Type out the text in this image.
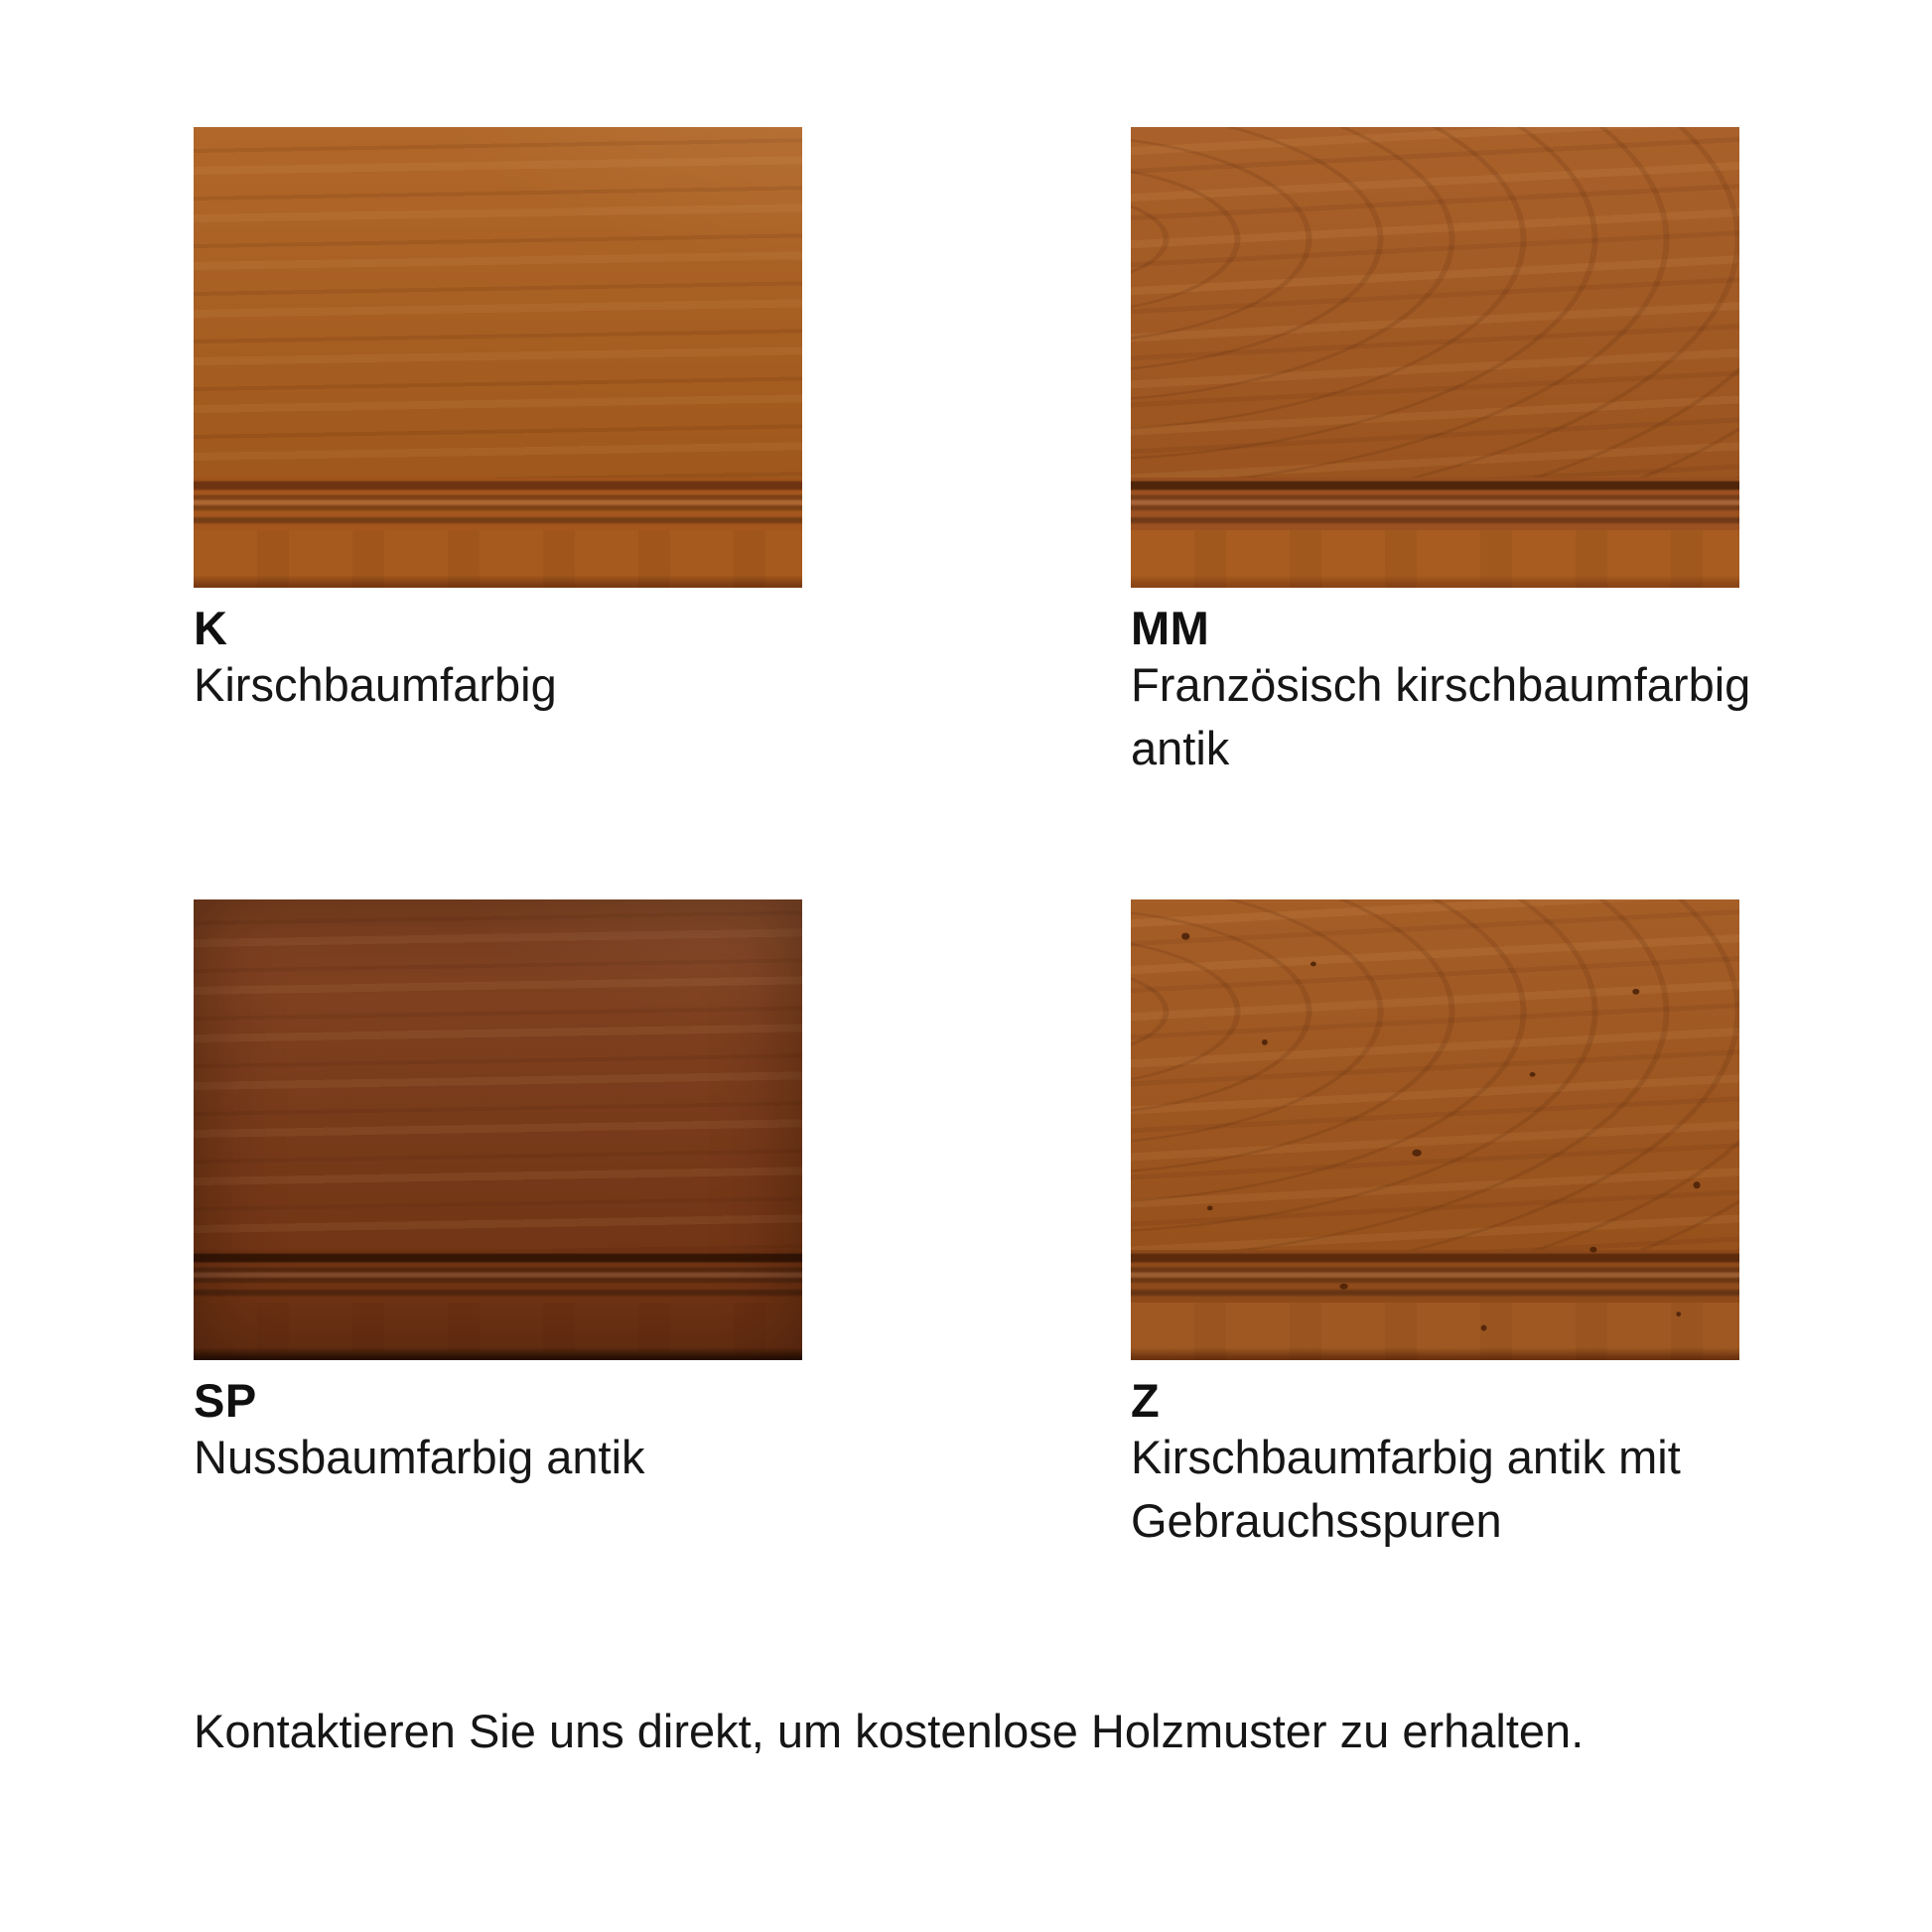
K
Kirschbaumfarbig
MM
Französisch kirschbaumfarbig antik
SP
Nussbaumfarbig antik
Z
Kirschbaumfarbig antik mit Gebrauchsspuren

Kontaktieren Sie uns direkt, um kostenlose Holzmuster zu erhalten.
